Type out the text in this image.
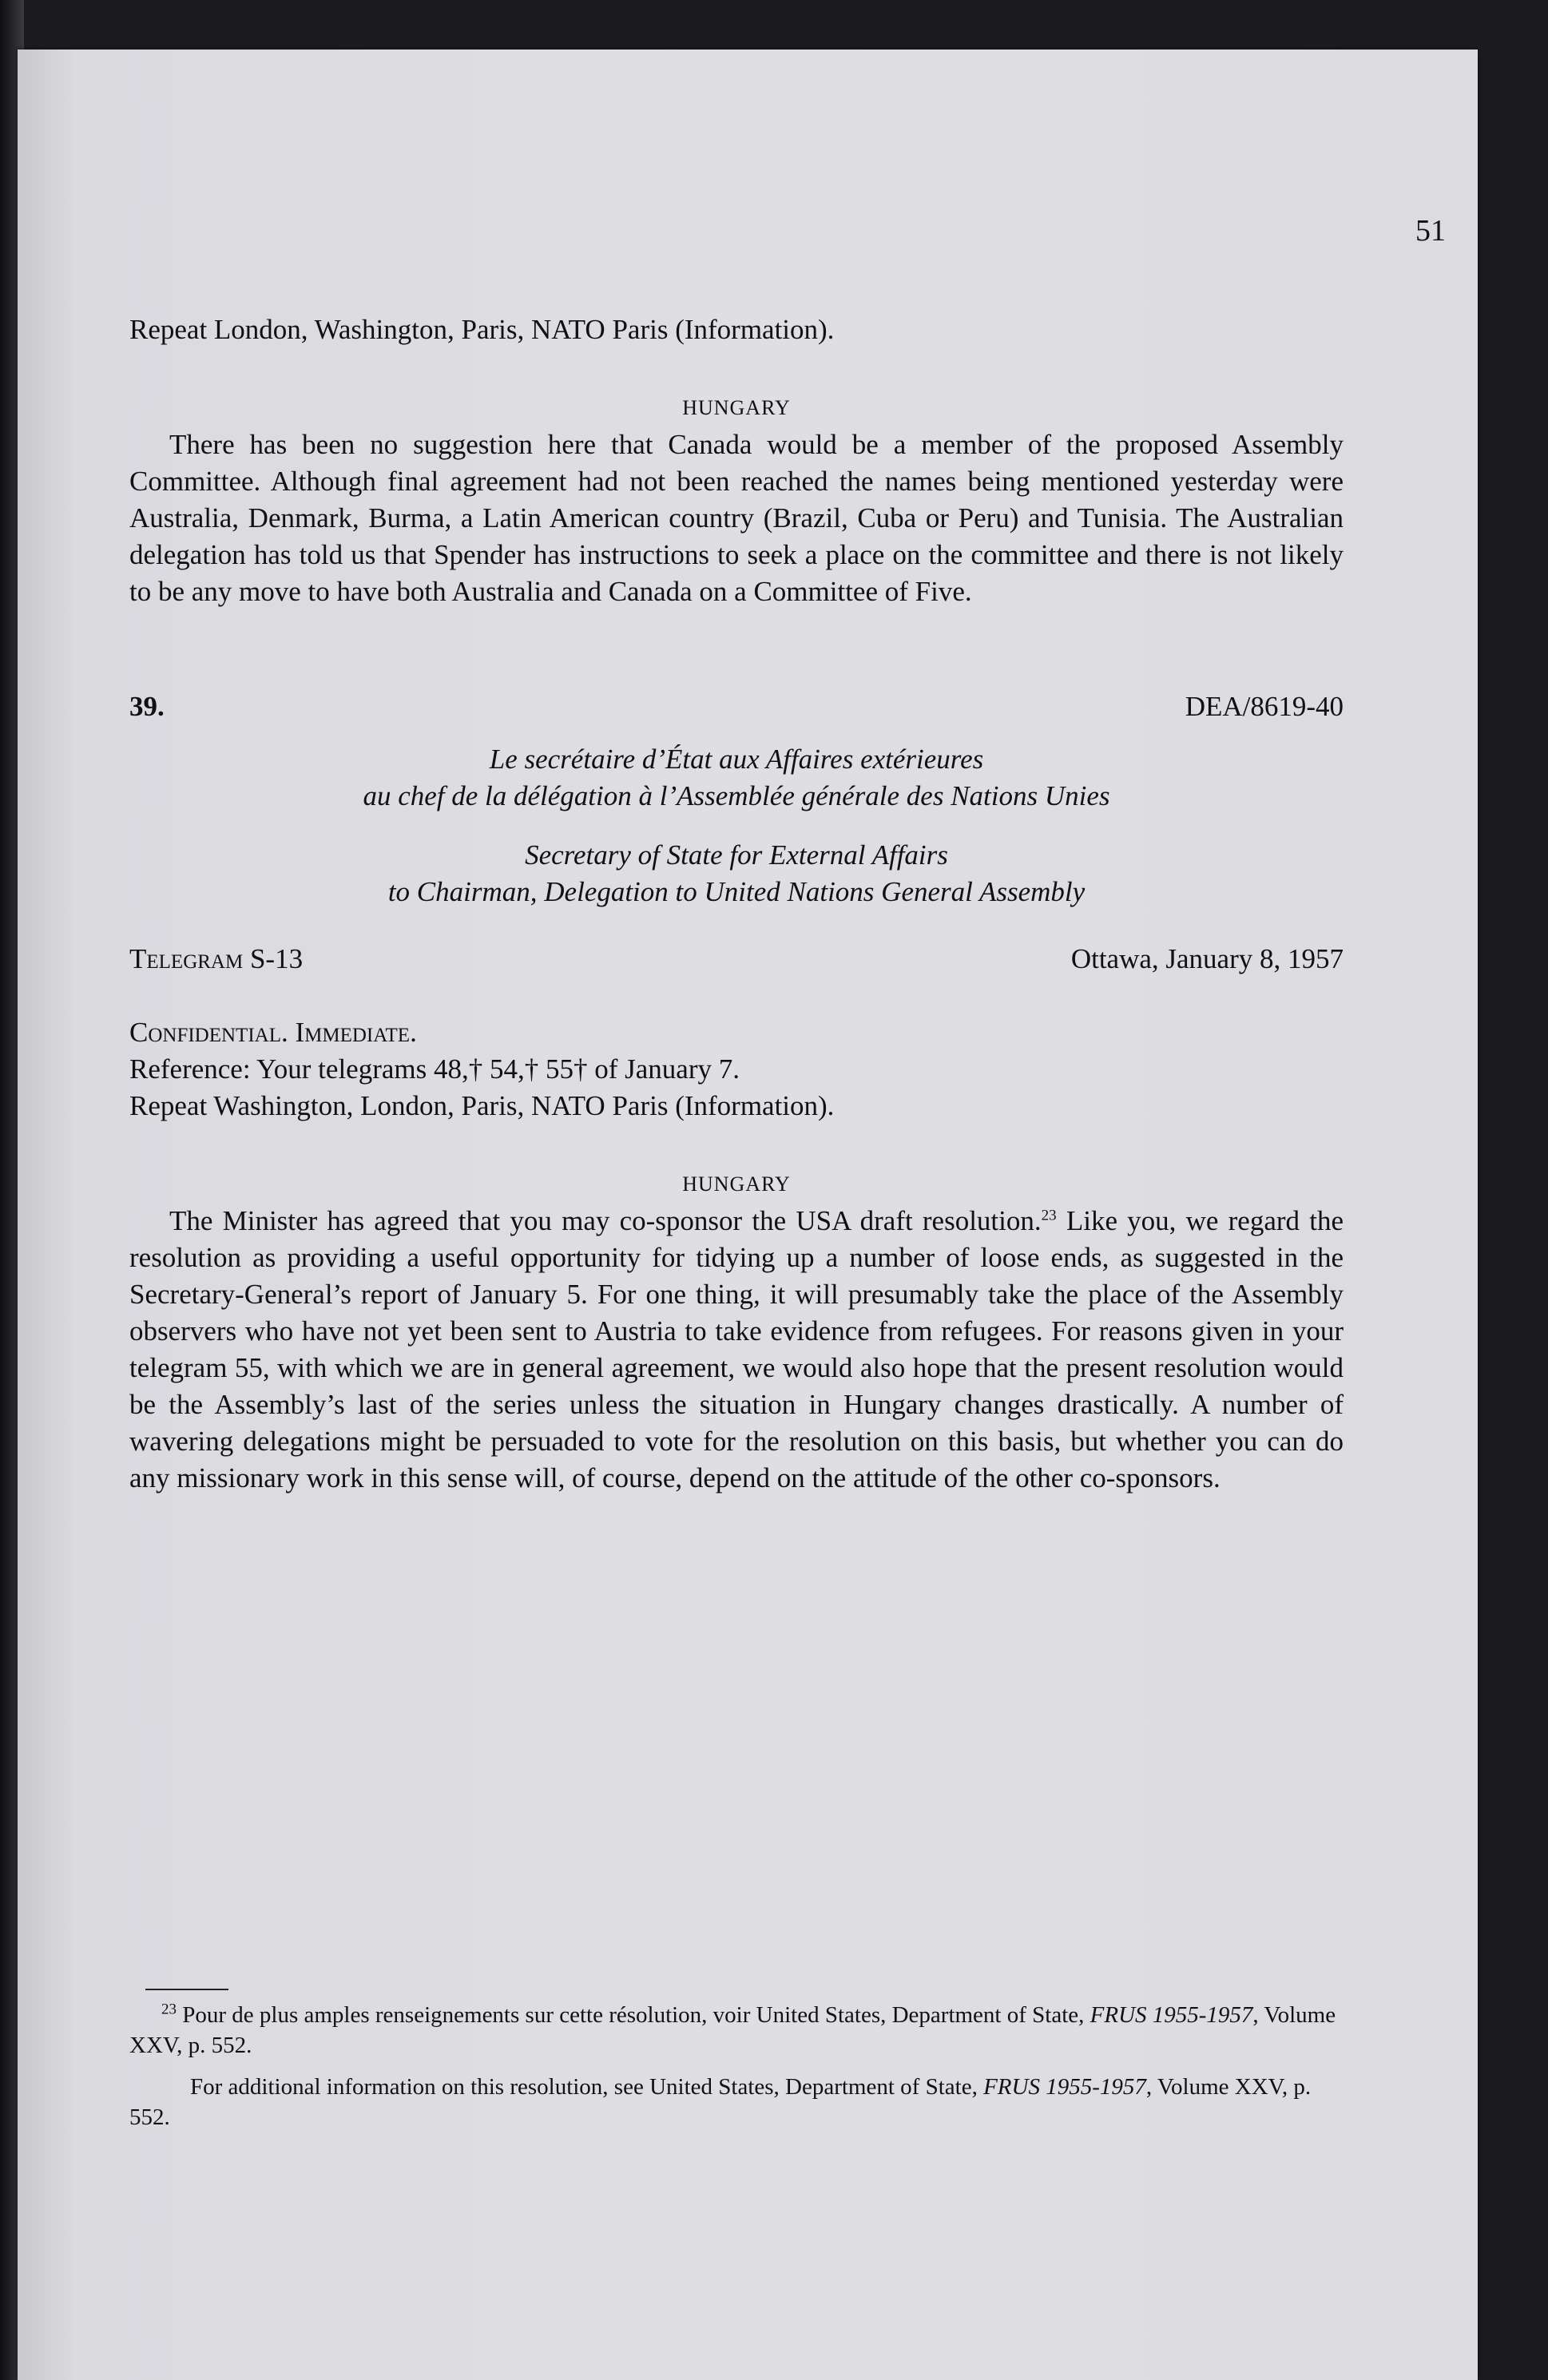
51

Repeat London, Washington, Paris, NATO Paris (Information).

HUNGARY

There has been no suggestion here that Canada would be a member of the proposed Assembly Committee. Although final agreement had not been reached the names being mentioned yesterday were Australia, Denmark, Burma, a Latin American country (Brazil, Cuba or Peru) and Tunisia. The Australian delegation has told us that Spender has instructions to seek a place on the committee and there is not likely to be any move to have both Australia and Canada on a Committee of Five.

39.	DEA/8619-40
Le secrétaire d’État aux Affaires extérieures
au chef de la délégation à l’Assemblée générale des Nations Unies
Secretary of State for External Affairs
to Chairman, Delegation to United Nations General Assembly
Telegram S-13	Ottawa, January 8, 1957
Confidential. Immediate.
Reference: Your telegrams 48,† 54,† 55† of January 7.
Repeat Washington, London, Paris, NATO Paris (Information).
HUNGARY

The Minister has agreed that you may co-sponsor the USA draft resolution.$^{23}$ Like you, we regard the resolution as providing a useful opportunity for tidying up a number of loose ends, as suggested in the Secretary-General’s report of January 5. For one thing, it will presumably take the place of the Assembly observers who have not yet been sent to Austria to take evidence from refugees. For reasons given in your telegram 55, with which we are in general agreement, we would also hope that the present resolution would be the Assembly’s last of the series unless the situation in Hungary changes drastically. A number of wavering delegations might be persuaded to vote for the resolution on this basis, but whether you can do any missionary work in this sense will, of course, depend on the attitude of the other co-sponsors.

$^{23}$ Pour de plus amples renseignements sur cette résolution, voir United States, Department of State, FRUS 1955-1957, Volume XXV, p. 552.
For additional information on this resolution, see United States, Department of State, FRUS 1955-1957, Volume XXV, p. 552.
